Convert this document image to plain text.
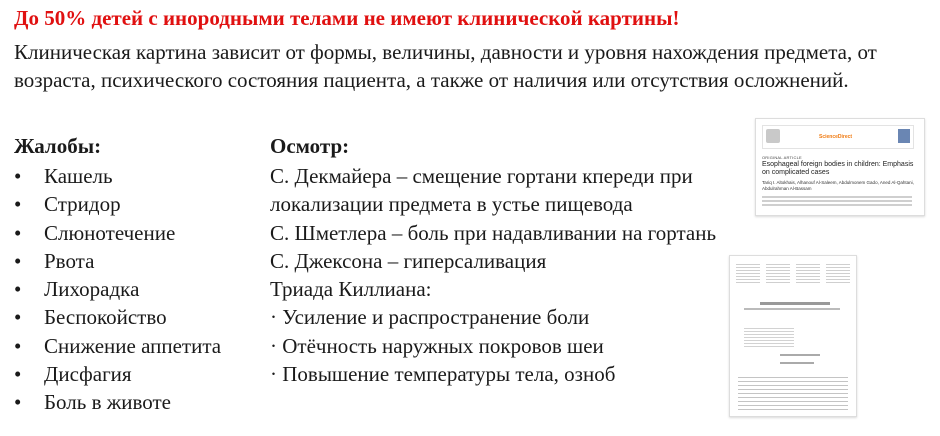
До 50% детей с инородными телами не имеют клинической картины!
Клиническая картина зависит от формы, величины, давности и уровня нахождения предмета, от возраста, психического состояния пациента, а также от наличия или отсутствия осложнений.
Жалобы:
• Кашель
• Стридор
• Слюнотечение
• Рвота
• Лихорадка
• Беспокойство
• Снижение аппетита
• Дисфагия
• Боль в животе
Осмотр:
С. Декмайера – смещение гортани кпереди при
локализации предмета в устье пищевода
С. Шметлера – боль при надавливании на гортань
С. Джексона – гиперсаливация
Триада Киллиана:
· Усиление и распространение боли
· Отёчность наружных покровов шеи
· Повышение температуры тела, озноб
ScienceDirect
ORIGINAL ARTICLE
Esophageal foreign bodies in children: Emphasis on complicated cases
Tariq I. Altokhais, Alhanouf Al-Saleem, Abdulmonem Gado, Aned Al-Qahtani, Abdulrahman Al-Bassam
